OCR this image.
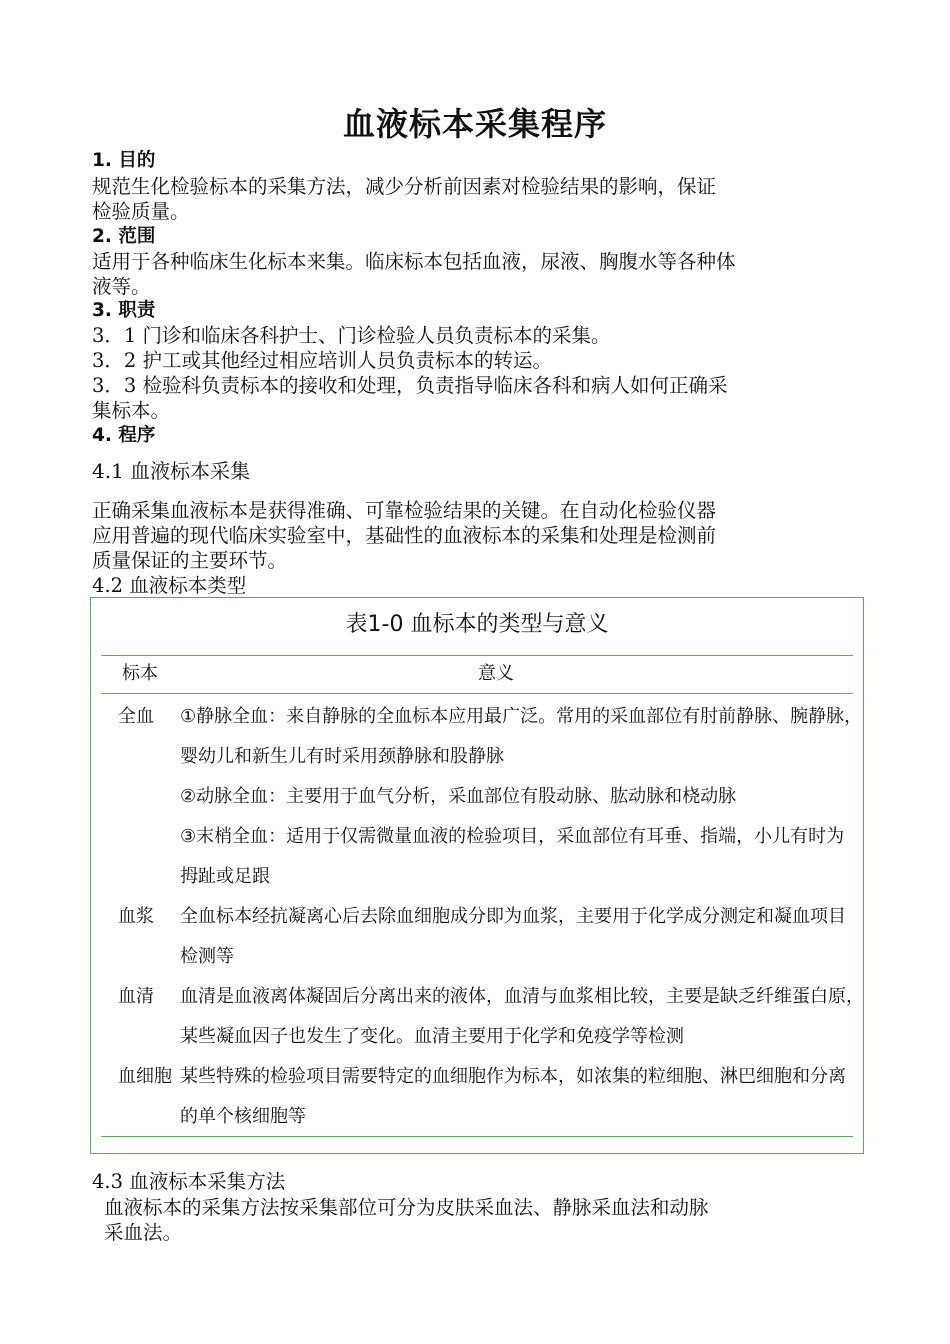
血液标本采集程序
1. 目的
规范生化检验标本的采集方法，减少分析前因素对检验结果的影响，保证
检验质量。
2. 范围
适用于各种临床生化标本来集。临床标本包括血液，尿液、胸腹水等各种体
液等。
3. 职责
3．1 门诊和临床各科护士、门诊检验人员负责标本的采集。
3．2 护工或其他经过相应培训人员负责标本的转运。
3．3 检验科负责标本的接收和处理，负责指导临床各科和病人如何正确采
集标本。
4. 程序
4.1 血液标本采集
正确采集血液标本是获得准确、可靠检验结果的关键。在自动化检验仪器
应用普遍的现代临床实验室中，基础性的血液标本的采集和处理是检测前
质量保证的主要环节。
4.2 血液标本类型
表1-0 血标本的类型与意义
标本	意义
全血 ①静脉全血：来自静脉的全血标本应用最广泛。常用的采血部位有肘前静脉、腕静脉，
婴幼儿和新生儿有时采用颈静脉和股静脉
②动脉全血：主要用于血气分析，采血部位有股动脉、肱动脉和桡动脉
③末梢全血：适用于仅需微量血液的检验项目，采血部位有耳垂、指端，小儿有时为
拇趾或足跟
血浆 全血标本经抗凝离心后去除血细胞成分即为血浆，主要用于化学成分测定和凝血项目
检测等
血清 血清是血液离体凝固后分离出来的液体，血清与血浆相比较，主要是缺乏纤维蛋白原，
某些凝血因子也发生了变化。血清主要用于化学和免疫学等检测
血细胞 某些特殊的检验项目需要特定的血细胞作为标本，如浓集的粒细胞、淋巴细胞和分离
的单个核细胞等
4.3 血液标本采集方法
血液标本的采集方法按采集部位可分为皮肤采血法、静脉采血法和动脉
采血法。
